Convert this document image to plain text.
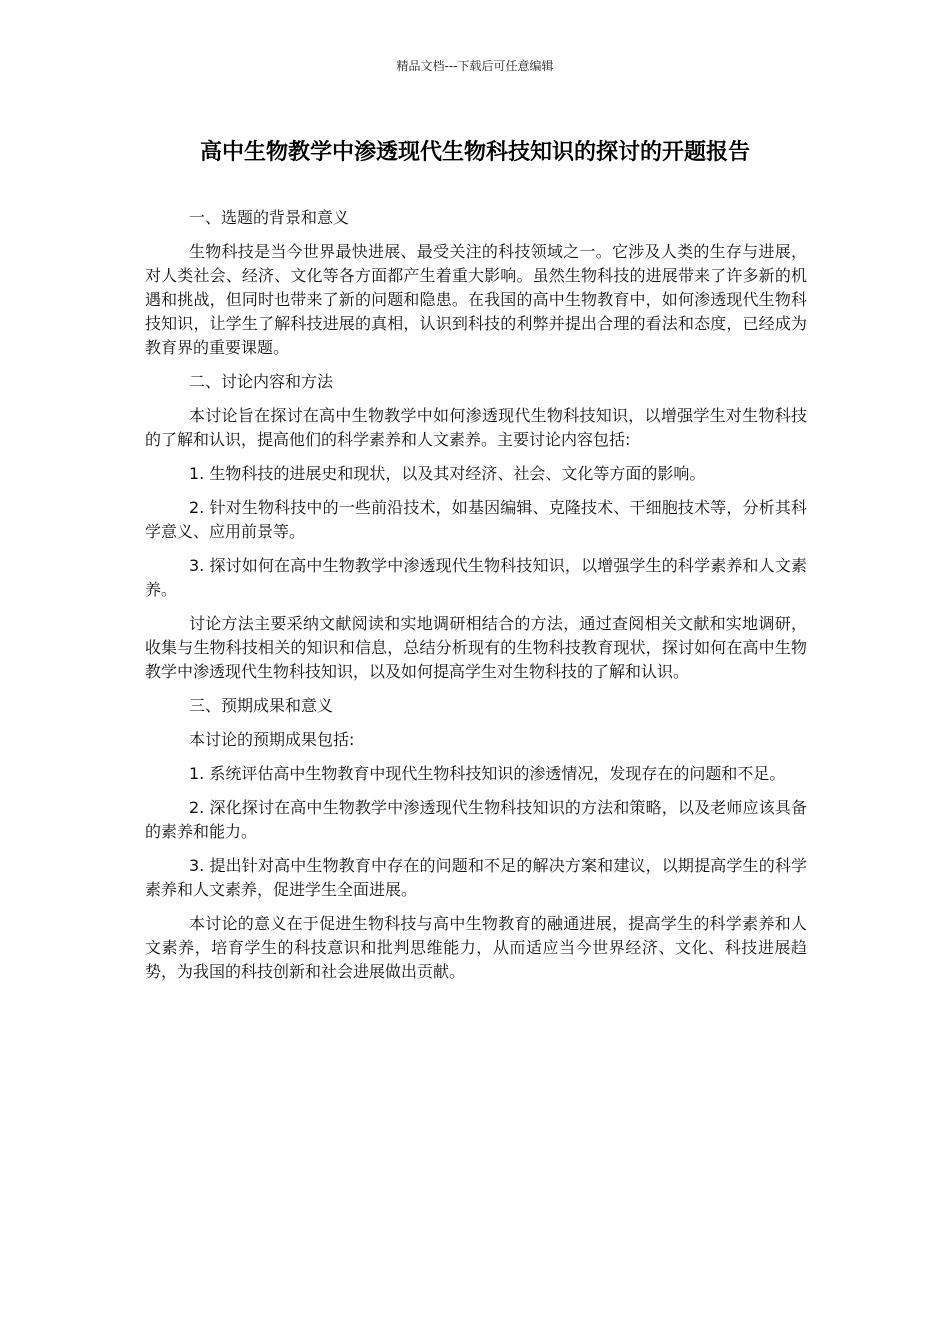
精品文档---下载后可任意编辑
高中生物教学中渗透现代生物科技知识的探讨的开题报告

一、选题的背景和意义

生物科技是当今世界最快进展、最受关注的科技领域之一。它涉及人类的生存与进展，对人类社会、经济、文化等各方面都产生着重大影响。虽然生物科技的进展带来了许多新的机遇和挑战，但同时也带来了新的问题和隐患。在我国的高中生物教育中，如何渗透现代生物科技知识，让学生了解科技进展的真相，认识到科技的利弊并提出合理的看法和态度，已经成为教育界的重要课题。

二、讨论内容和方法

本讨论旨在探讨在高中生物教学中如何渗透现代生物科技知识，以增强学生对生物科技的了解和认识，提高他们的科学素养和人文素养。主要讨论内容包括:

1. 生物科技的进展史和现状，以及其对经济、社会、文化等方面的影响。

2. 针对生物科技中的一些前沿技术，如基因编辑、克隆技术、干细胞技术等，分析其科学意义、应用前景等。

3. 探讨如何在高中生物教学中渗透现代生物科技知识，以增强学生的科学素养和人文素养。

讨论方法主要采纳文献阅读和实地调研相结合的方法，通过查阅相关文献和实地调研，收集与生物科技相关的知识和信息，总结分析现有的生物科技教育现状，探讨如何在高中生物教学中渗透现代生物科技知识，以及如何提高学生对生物科技的了解和认识。

三、预期成果和意义

本讨论的预期成果包括:

1. 系统评估高中生物教育中现代生物科技知识的渗透情况，发现存在的问题和不足。

2. 深化探讨在高中生物教学中渗透现代生物科技知识的方法和策略，以及老师应该具备的素养和能力。

3. 提出针对高中生物教育中存在的问题和不足的解决方案和建议，以期提高学生的科学素养和人文素养，促进学生全面进展。

本讨论的意义在于促进生物科技与高中生物教育的融通进展，提高学生的科学素养和人文素养，培育学生的科技意识和批判思维能力，从而适应当今世界经济、文化、科技进展趋势，为我国的科技创新和社会进展做出贡献。
